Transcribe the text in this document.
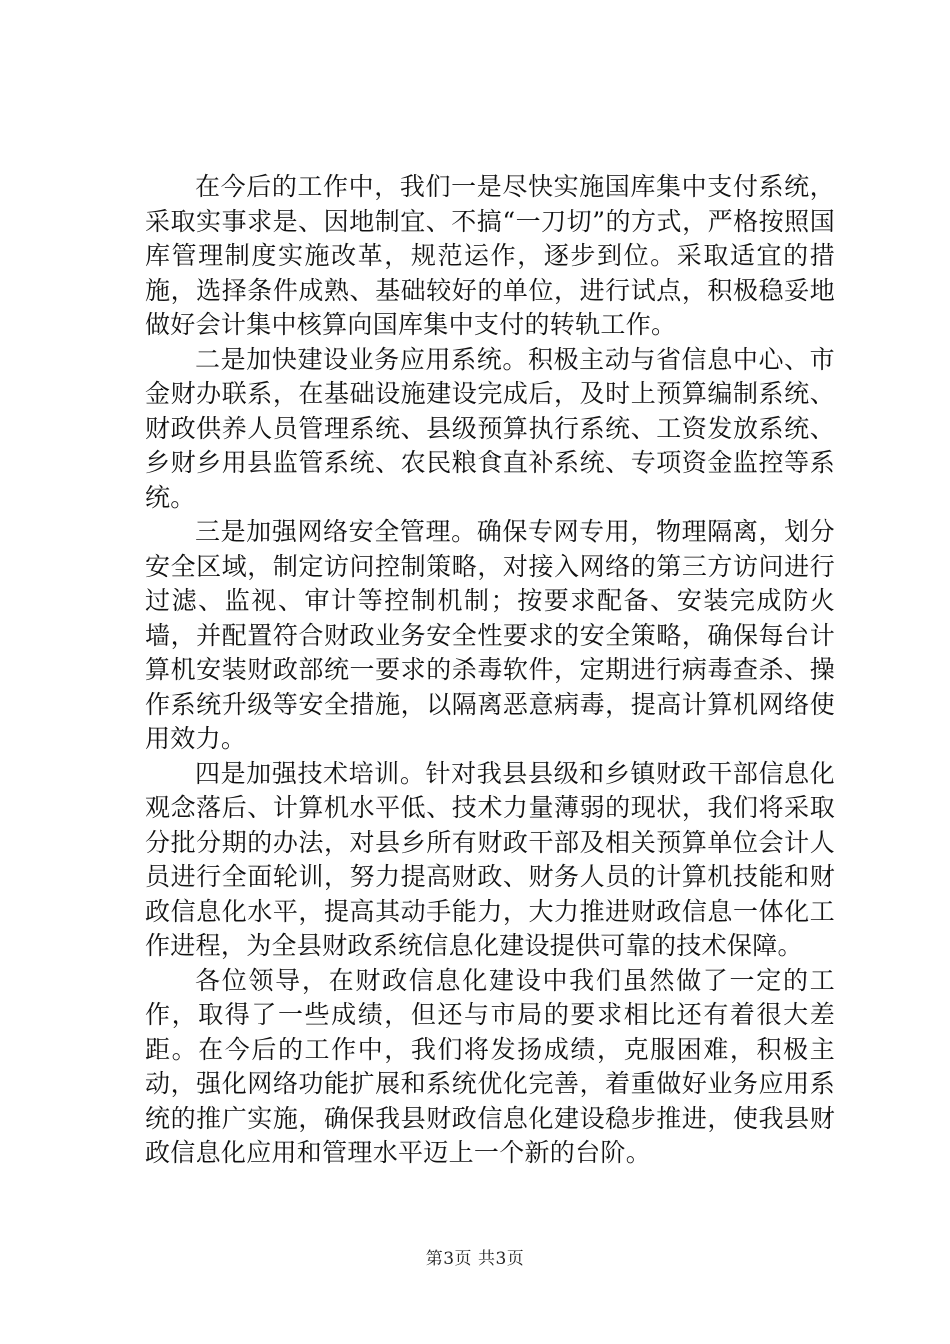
在今后的工作中，我们一是尽快实施国库集中支付系统，采取实事求是、因地制宜、不搞“一刀切”的方式，严格按照国库管理制度实施改革，规范运作，逐步到位。采取适宜的措施，选择条件成熟、基础较好的单位，进行试点，积极稳妥地做好会计集中核算向国库集中支付的转轨工作。

二是加快建设业务应用系统。积极主动与省信息中心、市金财办联系，在基础设施建设完成后，及时上预算编制系统、财政供养人员管理系统、县级预算执行系统、工资发放系统、乡财乡用县监管系统、农民粮食直补系统、专项资金监控等系统。

三是加强网络安全管理。确保专网专用，物理隔离，划分安全区域，制定访问控制策略，对接入网络的第三方访问进行过滤、监视、审计等控制机制；按要求配备、安装完成防火墙，并配置符合财政业务安全性要求的安全策略，确保每台计算机安装财政部统一要求的杀毒软件，定期进行病毒查杀、操作系统升级等安全措施，以隔离恶意病毒，提高计算机网络使用效力。

四是加强技术培训。针对我县县级和乡镇财政干部信息化观念落后、计算机水平低、技术力量薄弱的现状，我们将采取分批分期的办法，对县乡所有财政干部及相关预算单位会计人员进行全面轮训，努力提高财政、财务人员的计算机技能和财政信息化水平，提高其动手能力，大力推进财政信息一体化工作进程，为全县财政系统信息化建设提供可靠的技术保障。

各位领导，在财政信息化建设中我们虽然做了一定的工作，取得了一些成绩，但还与市局的要求相比还有着很大差距。在今后的工作中，我们将发扬成绩，克服困难，积极主动，强化网络功能扩展和系统优化完善，着重做好业务应用系统的推广实施，确保我县财政信息化建设稳步推进，使我县财政信息化应用和管理水平迈上一个新的台阶。

第3页 共3页
